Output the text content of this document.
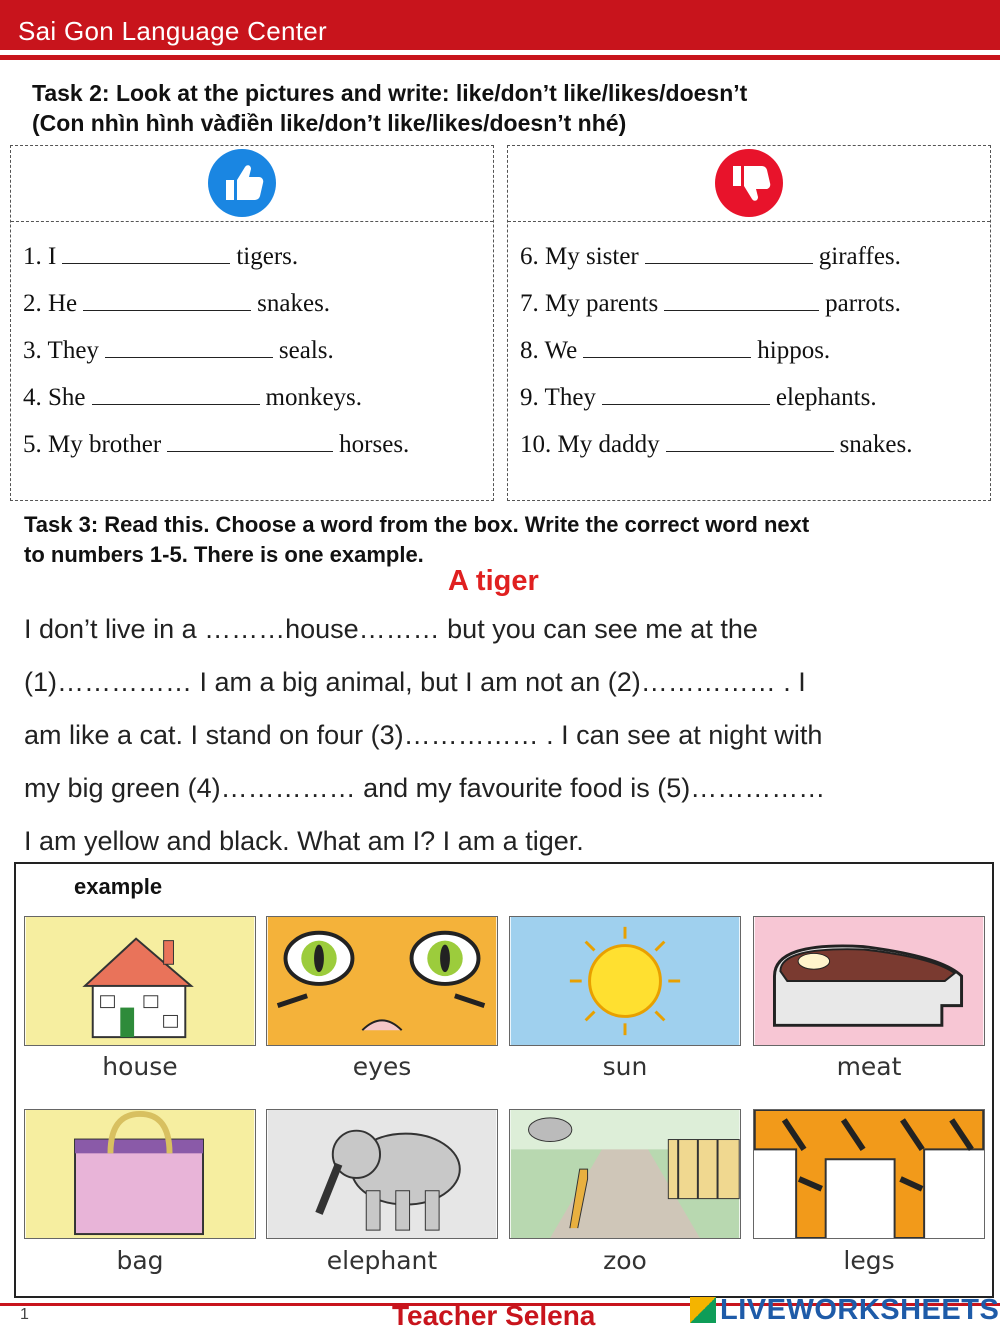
Sai Gon Language Center
Task 2: Look at the pictures and write: like/don’t like/likes/doesn’t
(Con nhìn hình vàđiền like/don’t like/likes/doesn’t nhé)
1. I	tigers.
2. He	snakes.
3. They	seals.
4. She	monkeys.
5. My brother	horses.
6. My sister	giraffes.
7. My parents	parrots.
8. We	hippos.
9. They	elephants.
10. My daddy	snakes.
Task 3: Read this. Choose a word from the box. Write the correct word next
to numbers 1-5. There is one example.
A tiger
I don’t live in a ………house……… but you can see me at the
(1)…………… I am a big animal, but I am not an (2)…………… . I
am like a cat. I stand on four (3)…………… . I can see at night with
my big green (4)…………… and my favourite food is (5)……………
I am yellow and black. What am I? I am a tiger.
example
house	eyes	sun	meat
bag	elephant	zoo	legs
1	Teacher Selena	LIVEWORKSHEETS
